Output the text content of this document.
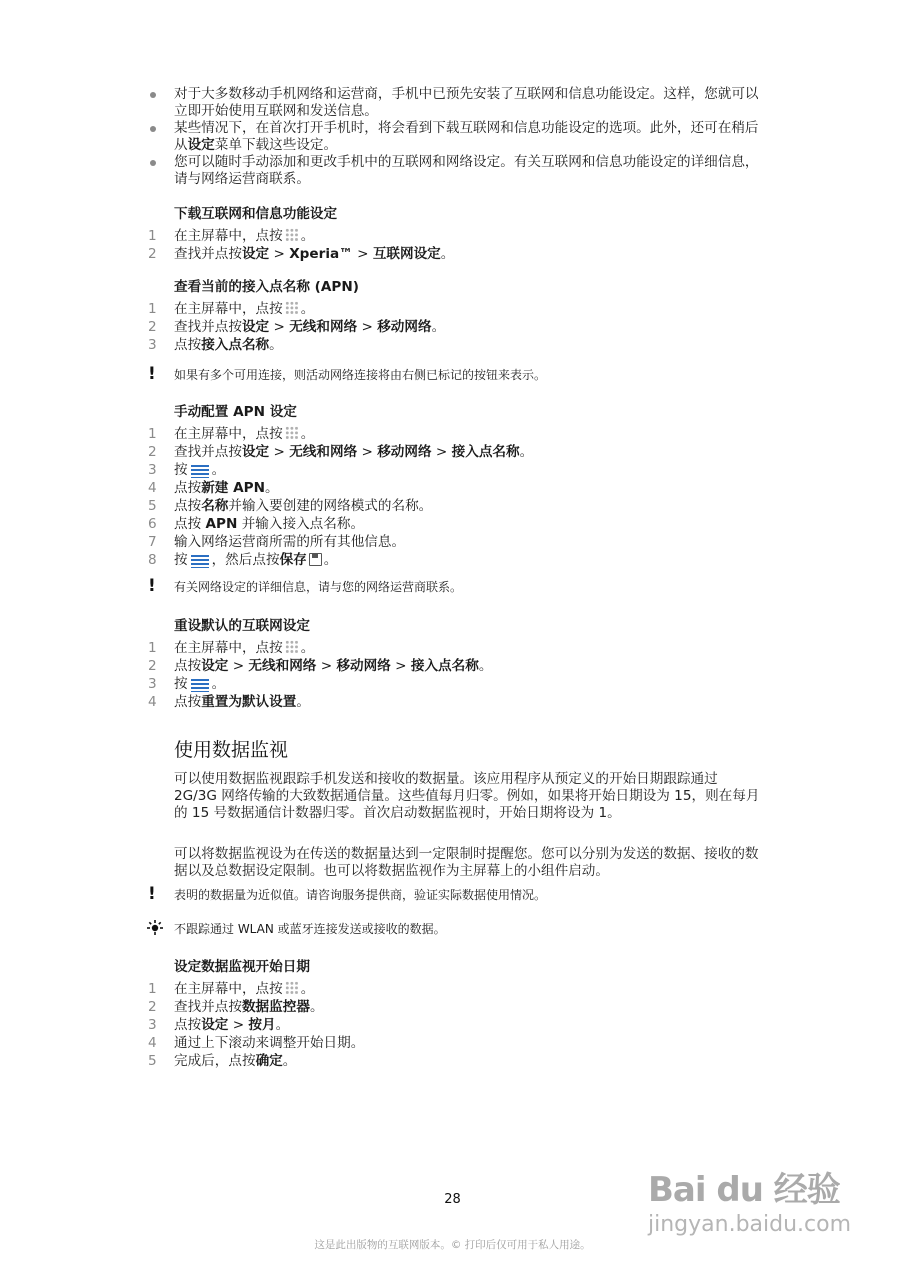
对于大多数移动手机网络和运营商，手机中已预先安装了互联网和信息功能设定。这样，您就可以立即开始使用互联网和发送信息。
某些情况下，在首次打开手机时，将会看到下载互联网和信息功能设定的选项。此外，还可在稍后从设定菜单下载这些设定。
您可以随时手动添加和更改手机中的互联网和网络设定。有关互联网和信息功能设定的详细信息，请与网络运营商联系。
下载互联网和信息功能设定
1	在主屏幕中，点按 。
2	查找并点按设定 > Xperia™ > 互联网设定。
查看当前的接入点名称 (APN)
1	在主屏幕中，点按 。
2	查找并点按设定 > 无线和网络 > 移动网络。
3	点按接入点名称。
!	如果有多个可用连接，则活动网络连接将由右侧已标记的按钮来表示。
手动配置 APN 设定
1	在主屏幕中，点按 。
2	查找并点按设定 > 无线和网络 > 移动网络 > 接入点名称。
3	按 。
4	点按新建 APN。
5	点按名称并输入要创建的网络模式的名称。
6	点按 APN 并输入接入点名称。
7	输入网络运营商所需的所有其他信息。
8	按 ，然后点按保存 。
!	有关网络设定的详细信息，请与您的网络运营商联系。
重设默认的互联网设定
1	在主屏幕中，点按 。
2	点按设定 > 无线和网络 > 移动网络 > 接入点名称。
3	按 。
4	点按重置为默认设置。
使用数据监视
可以使用数据监视跟踪手机发送和接收的数据量。该应用程序从预定义的开始日期跟踪通过 2G/3G 网络传输的大致数据通信量。这些值每月归零。例如，如果将开始日期设为 15，则在每月的 15 号数据通信计数器归零。首次启动数据监视时，开始日期将设为 1。
可以将数据监视设为在传送的数据量达到一定限制时提醒您。您可以分别为发送的数据、接收的数据以及总数据设定限制。也可以将数据监视作为主屏幕上的小组件启动。
!	表明的数据量为近似值。请咨询服务提供商，验证实际数据使用情况。
不跟踪通过 WLAN 或蓝牙连接发送或接收的数据。
设定数据监视开始日期
1	在主屏幕中，点按 。
2	查找并点按数据监控器。
3	点按设定 > 按月。
4	通过上下滚动来调整开始日期。
5	完成后，点按确定。
28	Bai du 经验
jingyan.baidu.com
这是此出版物的互联网版本。© 打印后仅可用于私人用途。
